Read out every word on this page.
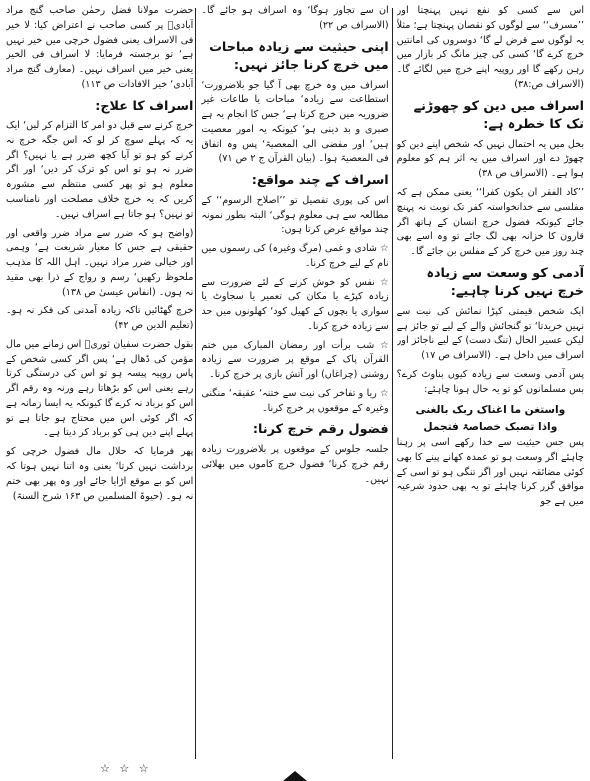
اس سے کسی کو نفع نہیں پہنچتا اور ’’مسرف‘‘ سے لوگوں کو نقصان پہنچتا ہے؛ مثلاً یہ لوگوں سے قرض لے گا‘ دوسروں کی امانتیں خرچ کرے گا‘ کسی کی چیز مانگ کر بازار میں رہن رکھے گا اور روپیہ اپنے خرچ میں لگائے گا۔ (الاسراف ص:۳۸)

اسراف میں دین کو چھوڑنے تک کا خطرہ ہے:

بخل میں یہ احتمال نہیں کہ شخص اپنے دین کو چھوڑ دے اور اسراف میں یہ اثر ہم کو معلوم ہوا ہے۔ (الاسراف ص ۳۸)

’’کاد الفقر ان یکون کفرا‘‘ یعنی ممکن ہے کہ مفلسی سے خدانخواستہ کفر تک نوبت نہ پہنچ جائے کیونکہ فضول خرچ انسان کے ہاتھ اگر قارون کا خزانہ بھی لگ جائے تو وہ اسے بھی چند روز میں خرچ کر کے مفلس بن جائے گا۔

آدمی کو وسعت سے زیادہ خرچ نہیں کرنا چاہیے:

ایک شخص قیمتی کپڑا نمائش کی نیت سے نہیں خریدتا‘ تو گنجائش والے کے لیے تو جائز ہے لیکن عسیر الحال (تنگ دست) کے لیے ناجائز اور اسراف میں داخل ہے۔ (الاسراف ص ۱۷)

پس آدمی وسعت سے زیادہ کیوں بناوٹ کرے؟ بس مسلمانوں کو تو یہ حال ہونا چاہئے:

واستغن ما اغناک ربک بالغنی

واذا تصبک خصاصۃ فتجمل

پس جس حیثیت سے خدا رکھے اسی پر رہنا چاہئے اگر وسعت ہو تو عمدہ کھانے پینے کا بھی کوئی مضائقہ نہیں اور اگر تنگی ہو تو اسی کے موافق گزر کرنا چاہئے تو یہ بھی حدود شرعیہ میں ہے جو

ان سے تجاوز ہوگا‘ وہ اسراف ہو جائے گا۔ (الاسراف ص ۲۲)

اپنی حیثیت سے زیادہ مباحات میں خرچ کرنا جائز نہیں:

اسراف میں وہ خرچ بھی آ گیا جو بلاضرورت‘ استطاعت سے زیادہ‘ مباحات یا طاعات غیر ضروریہ میں خرچ کرتا ہے‘ جس کا انجام یہ ہے صبری و بد دینی ہو‘ کیونکہ یہ امور معصیت ہیں‘ اور مفضی الی المعصیۃ‘ پس وہ اتفاق فی المعصیۃ ہوا۔ (بیان القرآن ج ۲ ص ۷۱)

اسراف کے چند مواقع:

اس کی پوری تفصیل تو ’’اصلاح الرسوم‘‘ کے مطالعہ سے ہی معلوم ہوگی‘ البتہ بطور نمونہ چند مواقع عرض کرتا ہوں:

☆ شادی و غمی (مرگ وغیرہ) کی رسموں میں نام کے لیے خرچ کرنا۔

☆ نفس کو خوش کرنے کے لئے ضرورت سے زیادہ کپڑے یا مکان کی تعمیر یا سجاوٹ یا سواری یا بچوں کے کھیل کود‘ کھلونوں میں حد سے زیادہ خرچ کرنا۔

☆ شب برأت اور رمضان المبارک میں ختم القرآن پاک کے موقع پر ضرورت سے زیادہ روشنی (چراغاں) اور آتش بازی پر خرچ کرنا۔

☆ ریا و تفاخر کی نیت سے ختنہ‘ عقیقہ‘ منگنی وغیرہ کے موقعوں پر خرچ کرنا۔

فضول رقم خرچ کرنا:

جلسہ جلوس کے موقعوں پر بلاضرورت زیادہ رقم خرچ کرنا‘ فضول خرچ کاموں میں بھلائی نہیں۔

حضرت مولانا فضل رحمٰن صاحب گنج مراد آبادیؒ پر کسی صاحب نے اعتراض کیا: لا خیر فی الاسراف یعنی فضول خرچی میں خیر نہیں ہے‘ تو برجستہ فرمایا: لا اسراف فی الخیر یعنی خیر میں اسراف نہیں۔ (معارف گنج مراد آبادی‘ خیر الافادات ص ۱۱۳)

اسراف کا علاج:

خرچ کرنے سے قبل دو امر کا التزام کر لیں‘ ایک یہ کہ پہلے سوچ کر لو کہ اس جگہ خرچ نہ کرنے کو ہو تو آیا کچھ ضرر ہے یا نہیں؟ اگر ضرر نہ ہو تو اس کو ترک کر دیں‘ اور اگر معلوم ہو تو پھر کسی منتظم سے مشورہ کریں کہ یہ خرچ خلاف مصلحت اور نامناسب تو نہیں؟ ہو جاتا ہے اسراف نہیں۔

(واضح ہو کہ ضرر سے مراد ضرر واقعی اور حقیقی ہے جس کا معیار شریعت ہے‘ وہمی اور خیالی ضرر مراد نہیں۔ اہل اللہ کا مذہب ملحوظ رکھیں‘ رسم و رواج کے ذرا بھی مقید نہ ہوں۔ (انفاس عیسیٰ ص ۱۳۸)

خرچ گھٹائیں تاکہ زیادہ آمدنی کی فکر نہ ہو۔ (تعلیم الدین ص ۴۲)

بقول حضرت سفیان ثوریؒ اس زمانے میں مال مؤمن کی ڈھال ہے‘ پس اگر کسی شخص کے پاس روپیہ پیسہ ہو تو اس کی درستگی کرتا رہے یعنی اس کو بڑھاتا رہے ورنہ وہ رقم اگر اس کو برباد نہ کرے گا کیونکہ یہ ایسا زمانہ ہے کہ اگر کوئی اس میں محتاج ہو جاتا ہے تو پہلے اپنے دین ہی کو برباد کر دیتا ہے۔

پھر فرمایا کہ حلال مال فضول خرچی کو برداشت نہیں کرتا‘ یعنی وہ اتنا نہیں ہوتا کہ اس کو بے موقع اڑایا جائے اور وہ پھر بھی ختم نہ ہو۔ (حیوۃ المسلمین ص ۱۶۳ شرح السنۃ)

☆ ☆ ☆
